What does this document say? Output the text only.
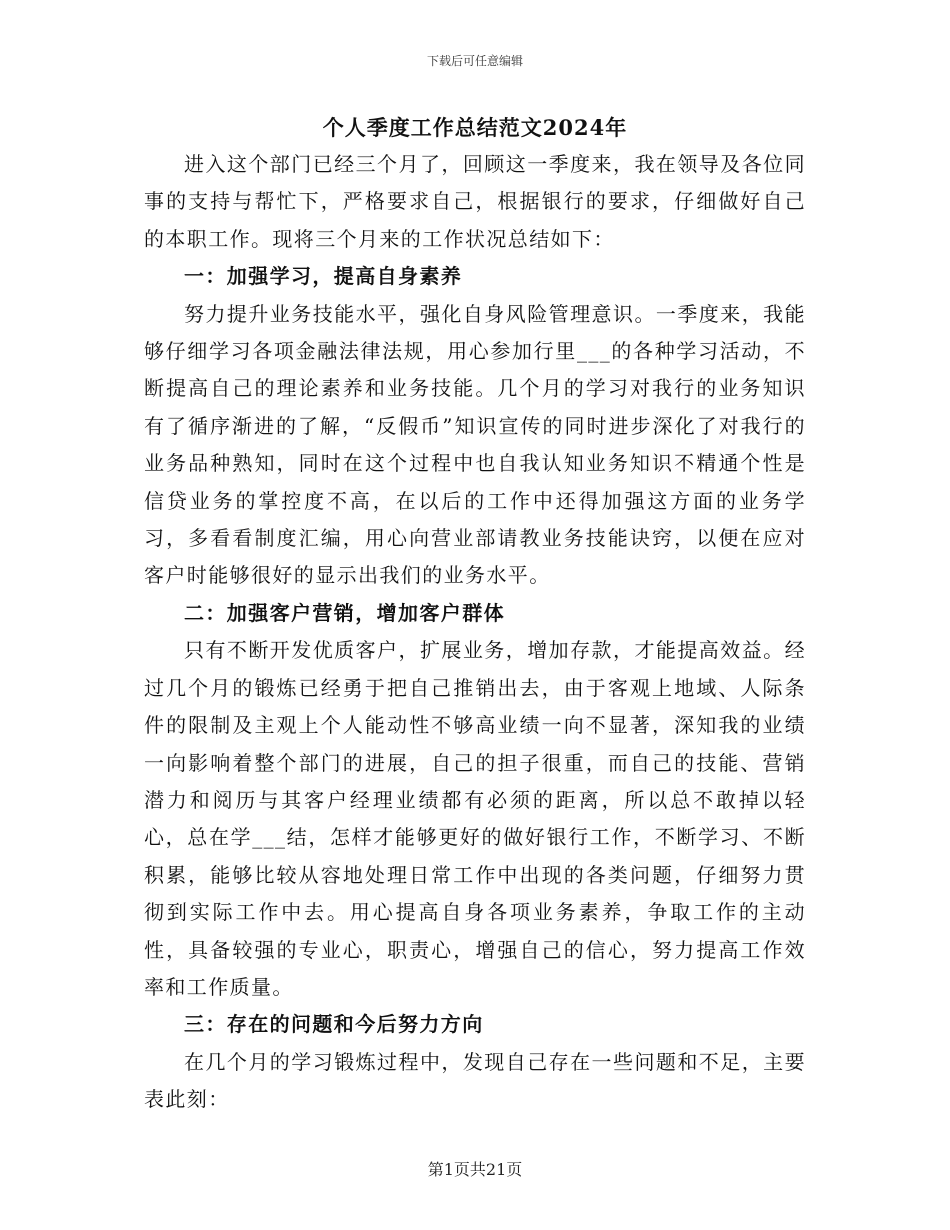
下载后可任意编辑
个人季度工作总结范文2024年

进入这个部门已经三个月了，回顾这一季度来，我在领导及各位同事的支持与帮忙下，严格要求自己，根据银行的要求，仔细做好自己的本职工作。现将三个月来的工作状况总结如下：

一：加强学习，提高自身素养

努力提升业务技能水平，强化自身风险管理意识。一季度来，我能够仔细学习各项金融法律法规，用心参加行里___的各种学习活动，不断提高自己的理论素养和业务技能。几个月的学习对我行的业务知识有了循序渐进的了解，“反假币”知识宣传的同时进步深化了对我行的业务品种熟知，同时在这个过程中也自我认知业务知识不精通个性是信贷业务的掌控度不高，在以后的工作中还得加强这方面的业务学习，多看看制度汇编，用心向营业部请教业务技能诀窍，以便在应对客户时能够很好的显示出我们的业务水平。

二：加强客户营销，增加客户群体

只有不断开发优质客户，扩展业务，增加存款，才能提高效益。经过几个月的锻炼已经勇于把自己推销出去，由于客观上地域、人际条件的限制及主观上个人能动性不够高业绩一向不显著，深知我的业绩一向影响着整个部门的进展，自己的担子很重，而自己的技能、营销潜力和阅历与其客户经理业绩都有必须的距离，所以总不敢掉以轻心，总在学___结，怎样才能够更好的做好银行工作，不断学习、不断积累，能够比较从容地处理日常工作中出现的各类问题，仔细努力贯彻到实际工作中去。用心提高自身各项业务素养，争取工作的主动性，具备较强的专业心，职责心，增强自己的信心，努力提高工作效率和工作质量。

三：存在的问题和今后努力方向

在几个月的学习锻炼过程中，发现自己存在一些问题和不足，主要表此刻：

第1页共21页
